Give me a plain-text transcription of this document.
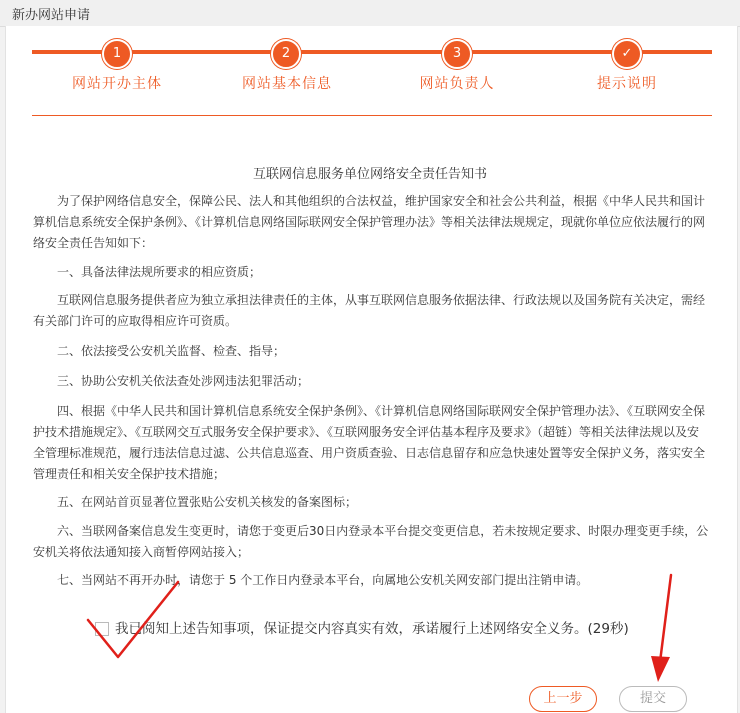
新办网站申请
1	2	3	✓
网站开办主体	网站基本信息	网站负责人	提示说明
互联网信息服务单位网络安全责任告知书
为了保护网络信息安全，保障公民、法人和其他组织的合法权益，维护国家安全和社会公共利益，根据《中华人民共和国计算机信息系统安全保护条例》、《计算机信息网络国际联网安全保护管理办法》等相关法律法规规定，现就你单位应依法履行的网络安全责任告知如下：
一、具备法律法规所要求的相应资质；
互联网信息服务提供者应为独立承担法律责任的主体，从事互联网信息服务依据法律、行政法规以及国务院有关决定，需经有关部门许可的应取得相应许可资质。
二、依法接受公安机关监督、检查、指导；
三、协助公安机关依法查处涉网违法犯罪活动；
四、根据《中华人民共和国计算机信息系统安全保护条例》、《计算机信息网络国际联网安全保护管理办法》、《互联网安全保护技术措施规定》、《互联网交互式服务安全保护要求》、《互联网服务安全评估基本程序及要求》（超链）等相关法律法规以及安全管理标准规范，履行违法信息过滤、公共信息巡查、用户资质查验、日志信息留存和应急快速处置等安全保护义务，落实安全管理责任和相关安全保护技术措施；
五、在网站首页显著位置张贴公安机关核发的备案图标；
六、当联网备案信息发生变更时，请您于变更后30日内登录本平台提交变更信息，若未按规定要求、时限办理变更手续，公安机关将依法通知接入商暂停网站接入；
七、当网站不再开办时，请您于 5 个工作日内登录本平台，向属地公安机关网安部门提出注销申请。
我已阅知上述告知事项，保证提交内容真实有效，承诺履行上述网络安全义务。(29秒)
上一步	提交
